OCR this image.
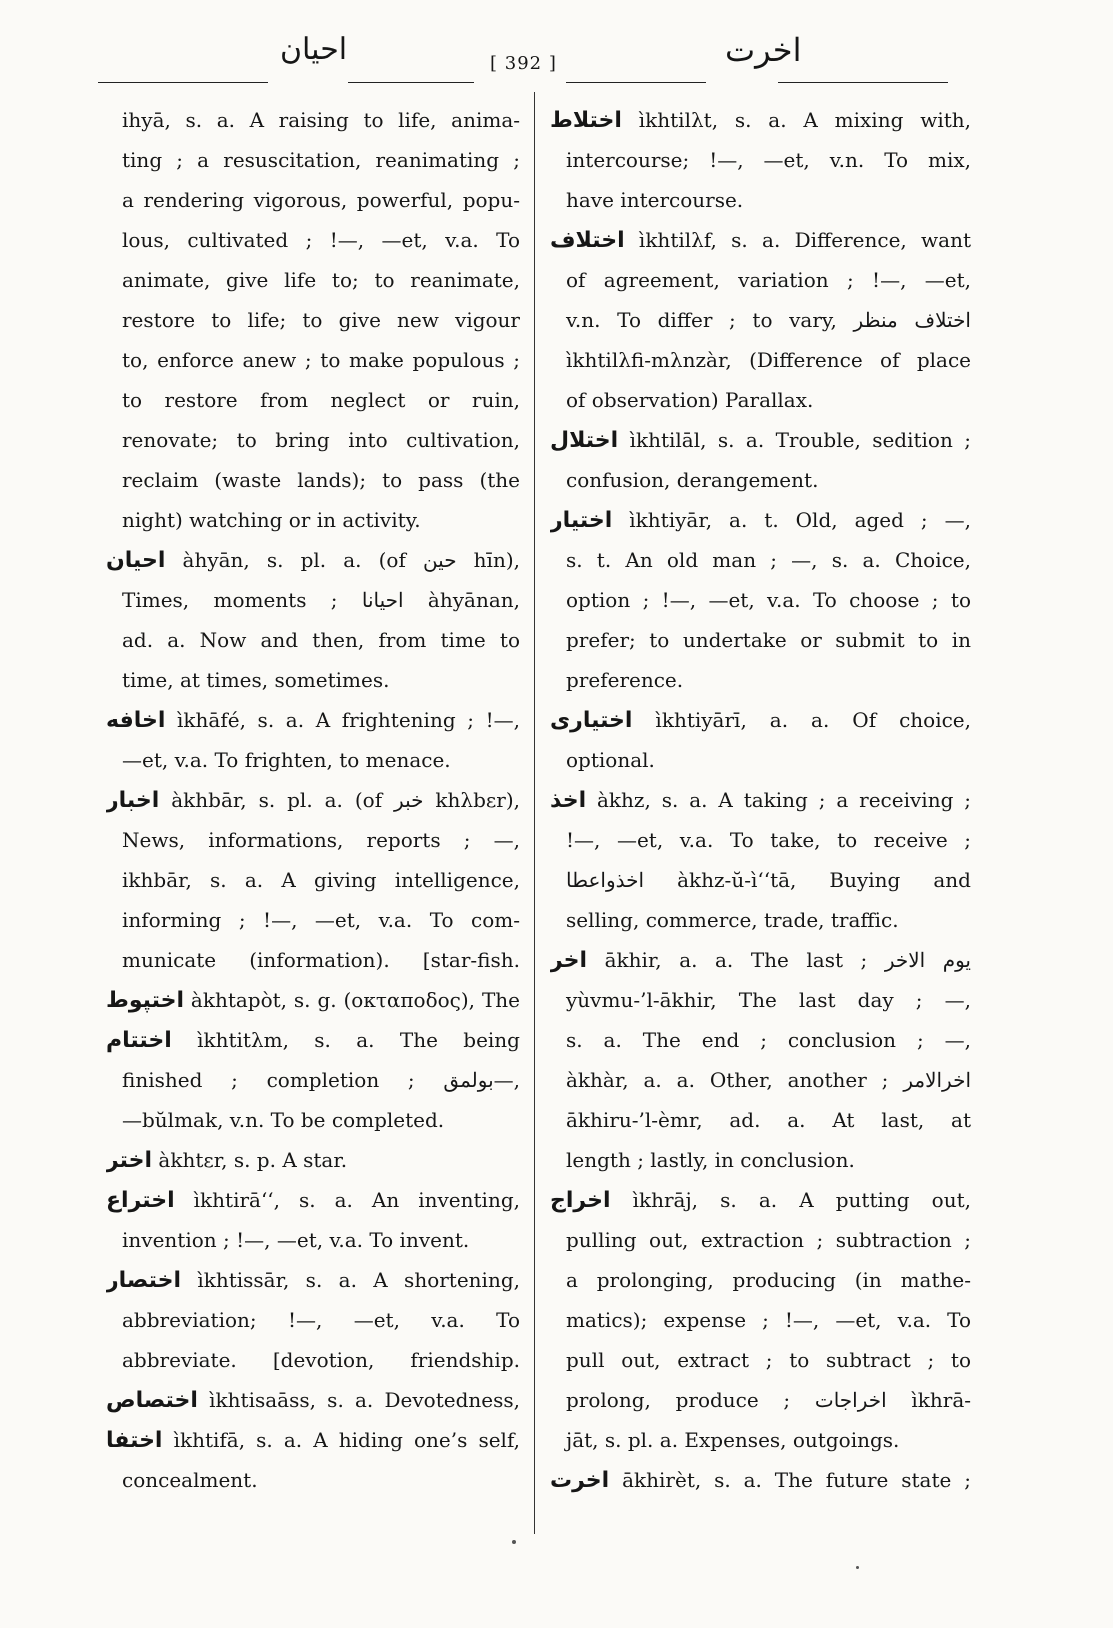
احیان	[ 392 ]	اخرت
ihyā, s. a. A raising to life, anima-
ting ; a resuscitation, reanimating ;
a rendering vigorous, powerful, popu-
lous, cultivated ; !—, —et, v.a. To
animate, give life to; to reanimate,
restore to life; to give new vigour
to, enforce anew ; to make populous ;
to restore from neglect or ruin,
renovate; to bring into cultivation,
reclaim (waste lands); to pass (the
night) watching or in activity.
احیان àhyān, s. pl. a. (of حین hīn),
Times, moments ; احیانا àhyānan,
ad. a. Now and then, from time to
time, at times, sometimes.
اخافه ìkhāfé, s. a. A frightening ; !—,
—et, v.a. To frighten, to menace.
اخبار àkhbār, s. pl. a. (of خبر khλbεr),
News, informations, reports ; —,
ikhbār, s. a. A giving intelligence,
informing ; !—, —et, v.a. To com-
municate (information). [star-fish.
اختپوط àkhtapòt, s. g. (οκταποδος), The
اختتام ìkhtitλm, s. a. The being
finished ; completion ; بولمق—,
—bŭlmak, v.n. To be completed.
اختر àkhtεr, s. p. A star.
اختراع ìkhtirā‘‘, s. a. An inventing,
invention ; !—, —et, v.a. To invent.
اختصار ìkhtissār, s. a. A shortening,
abbreviation; !—, —et, v.a. To
abbreviate. [devotion, friendship.
اختصاص ìkhtisaāss, s. a. Devotedness,
اختفا ìkhtifā, s. a. A hiding one’s self,
concealment.
اختلاط ìkhtilλt, s. a. A mixing with,
intercourse; !—, —et, v.n. To mix,
have intercourse.
اختلاف ìkhtilλf, s. a. Difference, want
of agreement, variation ; !—, —et,
v.n. To differ ; to vary, اختلاف منظر
ìkhtilλfi-mλnzàr, (Difference of place
of observation) Parallax.
اختلال ìkhtilāl, s. a. Trouble, sedition ;
confusion, derangement.
اختیار ìkhtiyār, a. t. Old, aged ; —,
s. t. An old man ; —, s. a. Choice,
option ; !—, —et, v.a. To choose ; to
prefer; to undertake or submit to in
preference.
اختیاری ìkhtiyārī, a. a. Of choice,
optional.
اخذ àkhz, s. a. A taking ; a receiving ;
!—, —et, v.a. To take, to receive ;
اخذواعطا àkhz-ŭ-ì‘‘tā, Buying and
selling, commerce, trade, traffic.
اخر ākhir, a. a. The last ; یوم الاخر
yùvmu-’l-ākhir, The last day ; —,
s. a. The end ; conclusion ; —,
àkhàr, a. a. Other, another ; اخرالامر
ākhiru-’l-èmr, ad. a. At last, at
length ; lastly, in conclusion.
اخراج ìkhrāj, s. a. A putting out,
pulling out, extraction ; subtraction ;
a prolonging, producing (in mathe-
matics); expense ; !—, —et, v.a. To
pull out, extract ; to subtract ; to
prolong, produce ; اخراجات ìkhrā-
jāt, s. pl. a. Expenses, outgoings.
اخرت ākhirèt, s. a. The future state ;
